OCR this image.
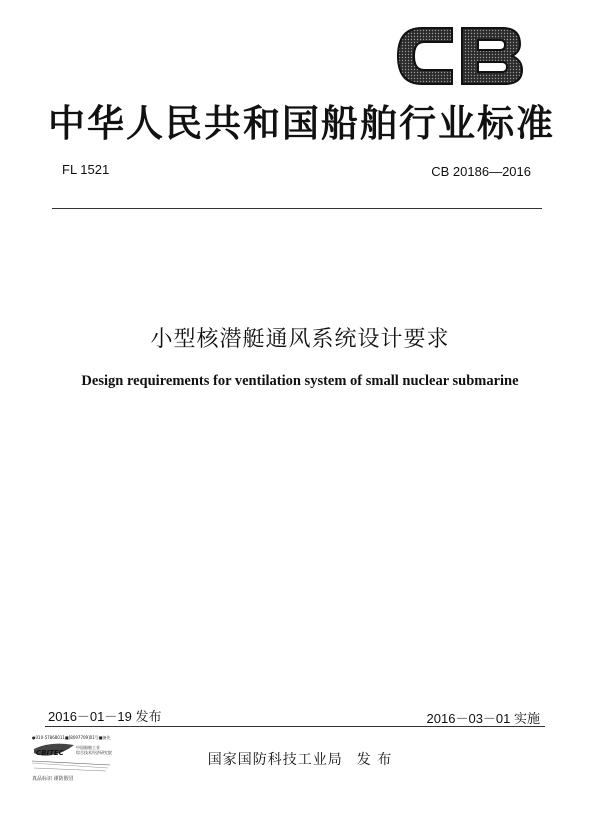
CB
中华人民共和国船舶行业标准
FL 1521	CB 20186—2016
小型核潜艇通风系统设计要求
Design requirements for ventilation system of small nuclear submarine
2016－01－19 发布	2016－03－01 实施
●010-57868011■[8097709]01号■备先
CBITEC
中国船舶工业
综合技术经济研究院
真品标识 谨防假冒
国家国防科技工业局 发 布
